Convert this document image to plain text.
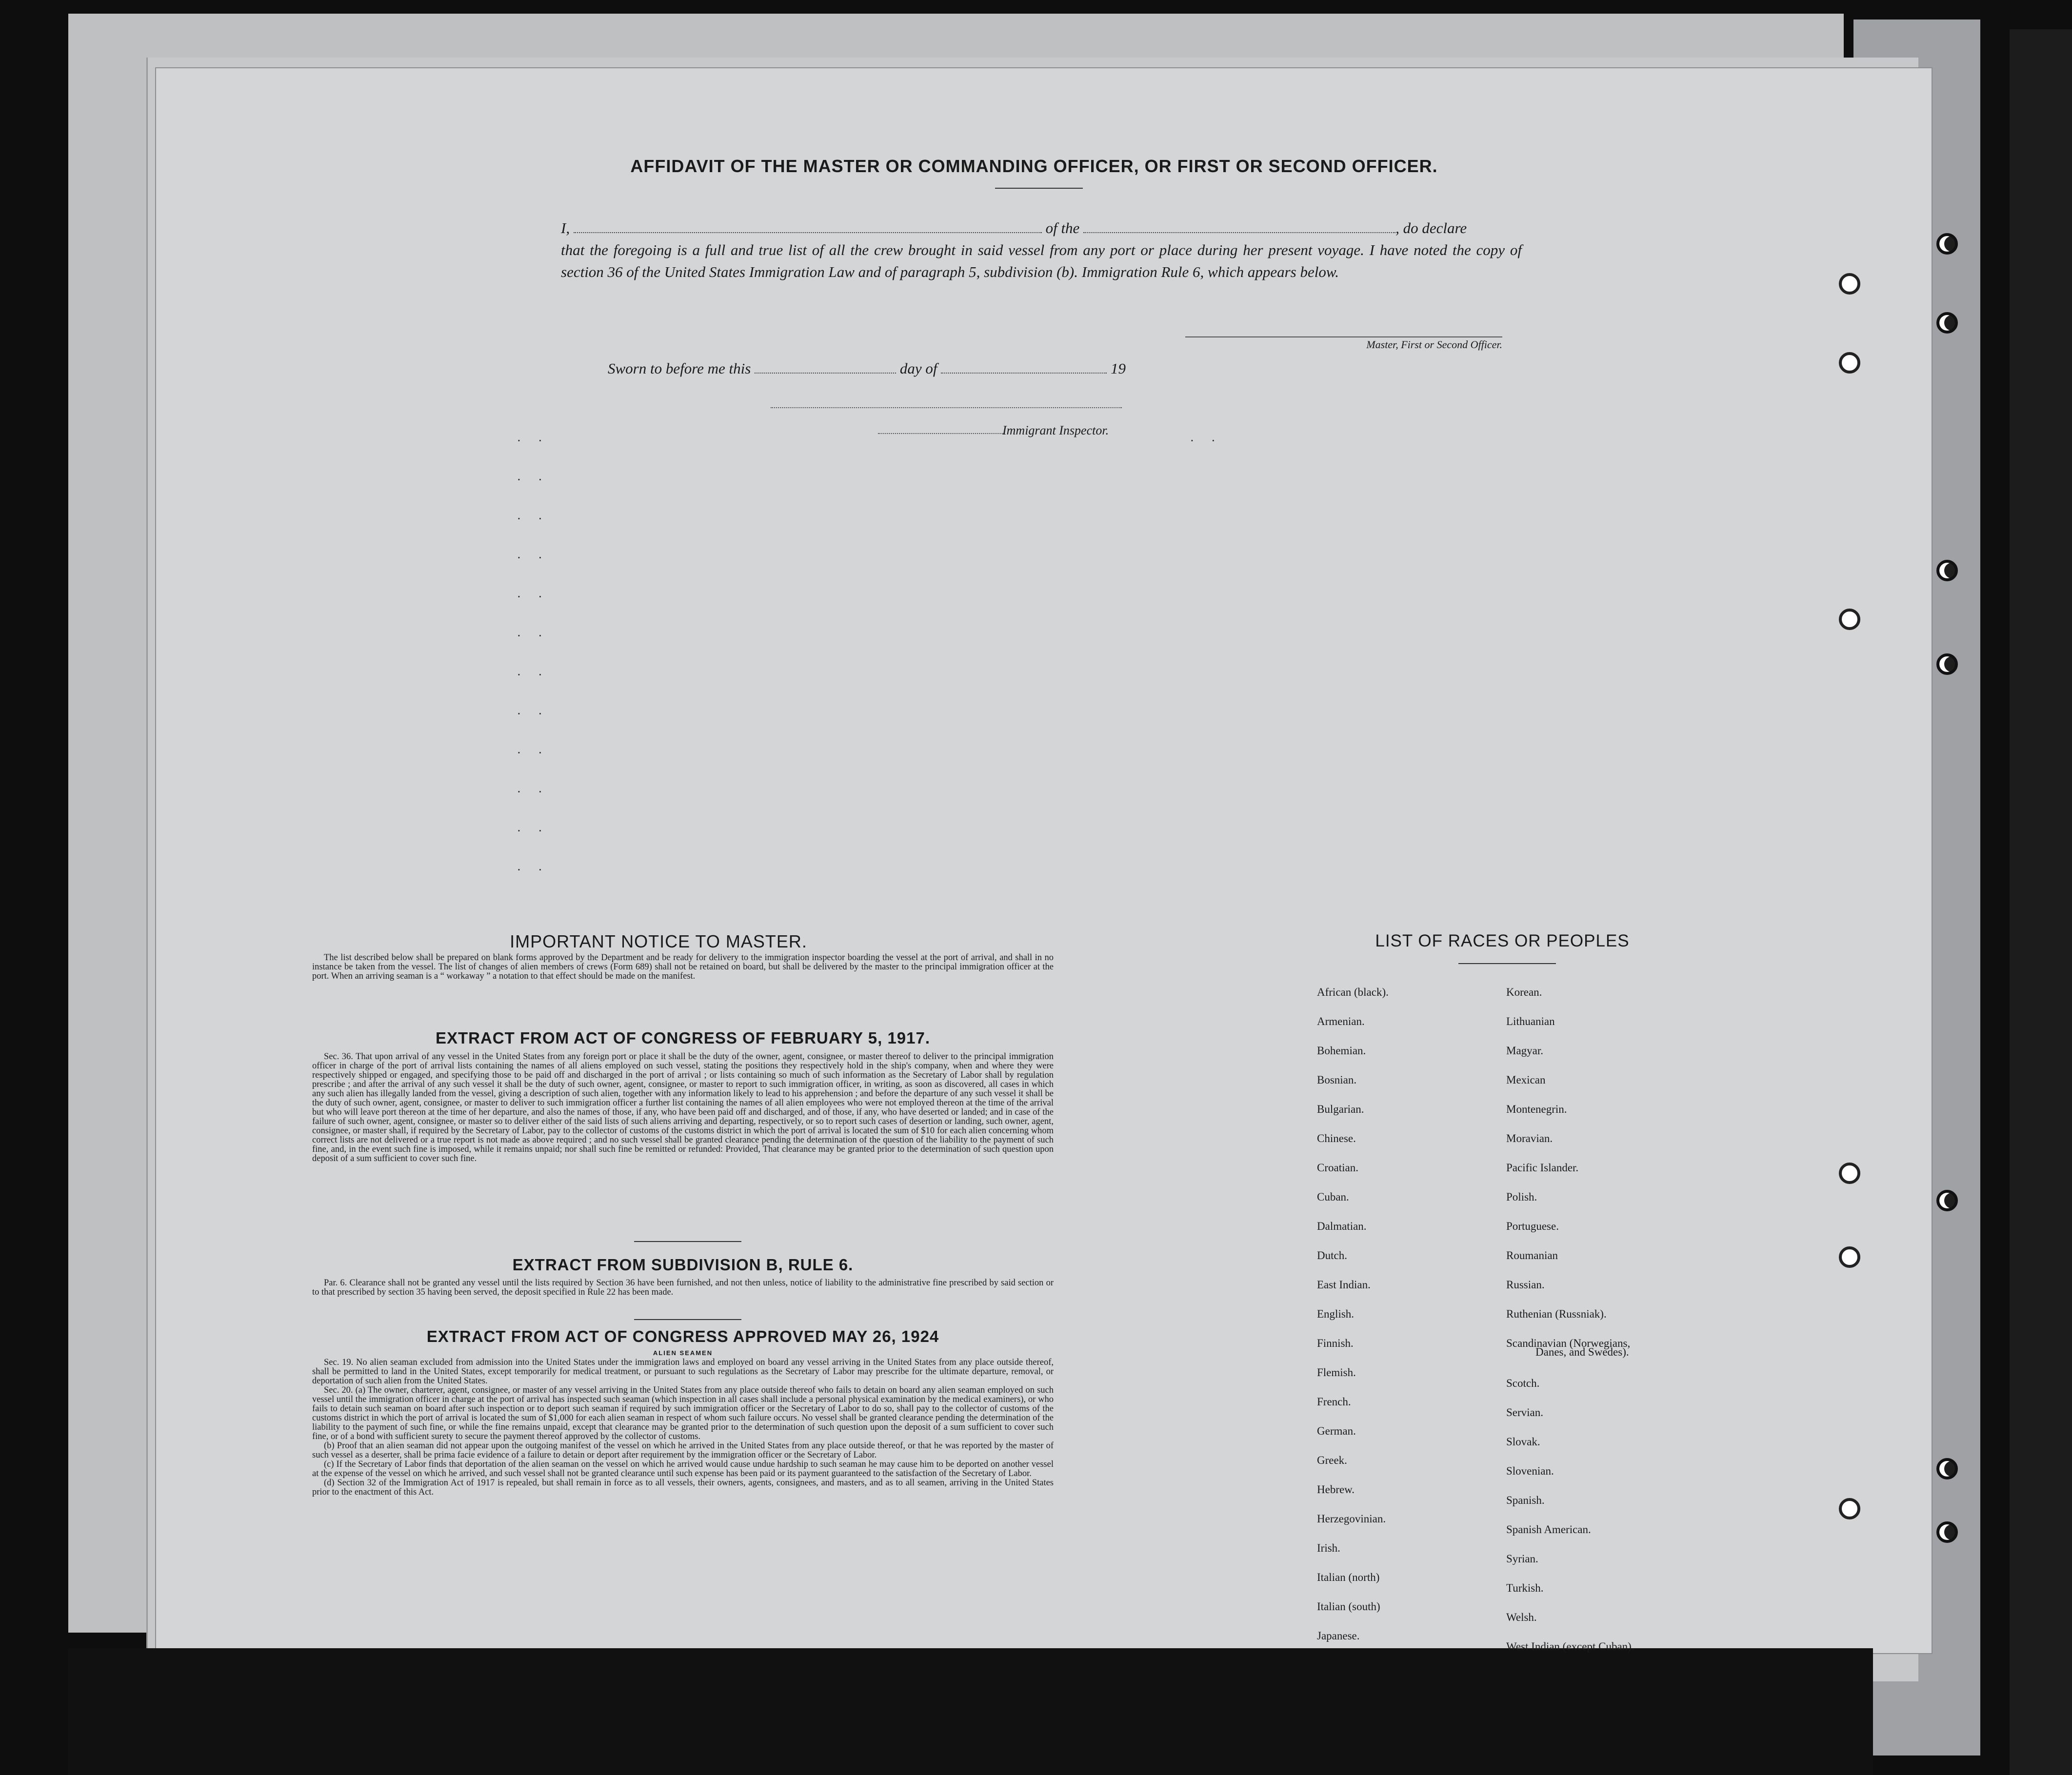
AFFIDAVIT OF THE MASTER OR COMMANDING OFFICER, OR FIRST OR SECOND OFFICER.
I,	of the	, do declare
that the foregoing is a full and true list of all the crew brought in said vessel from any port or place during her present voyage. I have noted the copy of section 36 of the United States Immigration Law and of paragraph 5, subdivision (b). Immigration Rule 6, which appears below.
Master, First or Second Officer.
Sworn to before me this	day of	19
Immigrant Inspector.
. .	. .
. .
. .
. .
. .
. .
. .
. .
. .
. .
. .
. .
IMPORTANT NOTICE TO MASTER.
The list described below shall be prepared on blank forms approved by the Department and be ready for delivery to the immigration inspector boarding the vessel at the port of arrival, and shall in no instance be taken from the vessel. The list of changes of alien members of crews (Form 689) shall not be retained on board, but shall be delivered by the master to the principal immigration officer at the port. When an arriving seaman is a “ workaway ” a notation to that effect should be made on the manifest.
EXTRACT FROM ACT OF CONGRESS OF FEBRUARY 5, 1917.
Sec. 36. That upon arrival of any vessel in the United States from any foreign port or place it shall be the duty of the owner, agent, consignee, or master thereof to deliver to the principal immigration officer in charge of the port of arrival lists containing the names of all aliens employed on such vessel, stating the positions they respectively hold in the ship's company, when and where they were respectively shipped or engaged, and specifying those to be paid off and discharged in the port of arrival ; or lists containing so much of such information as the Secretary of Labor shall by regulation prescribe ; and after the arrival of any such vessel it shall be the duty of such owner, agent, consignee, or master to report to such immigration officer, in writing, as soon as discovered, all cases in which any such alien has illegally landed from the vessel, giving a description of such alien, together with any information likely to lead to his apprehension ; and before the departure of any such vessel it shall be the duty of such owner, agent, consignee, or master to deliver to such immigration officer a further list containing the names of all alien employees who were not employed thereon at the time of the arrival but who will leave port thereon at the time of her departure, and also the names of those, if any, who have been paid off and discharged, and of those, if any, who have deserted or landed; and in case of the failure of such owner, agent, consignee, or master so to deliver either of the said lists of such aliens arriving and departing, respectively, or so to report such cases of desertion or landing, such owner, agent, consignee, or master shall, if required by the Secretary of Labor, pay to the collector of customs of the customs district in which the port of arrival is located the sum of $10 for each alien concerning whom correct lists are not delivered or a true report is not made as above required ; and no such vessel shall be granted clearance pending the determination of the question of the liability to the payment of such fine, and, in the event such fine is imposed, while it remains unpaid; nor shall such fine be remitted or refunded: Provided, That clearance may be granted prior to the determination of such question upon deposit of a sum sufficient to cover such fine.
EXTRACT FROM SUBDIVISION B, RULE 6.
Par. 6. Clearance shall not be granted any vessel until the lists required by Section 36 have been furnished, and not then unless, notice of liability to the administrative fine prescribed by said section or to that prescribed by section 35 having been served, the deposit specified in Rule 22 has been made.
EXTRACT FROM ACT OF CONGRESS APPROVED MAY 26, 1924
ALIEN SEAMEN
Sec. 19. No alien seaman excluded from admission into the United States under the immigration laws and employed on board any vessel arriving in the United States from any place outside thereof, shall be permitted to land in the United States, except temporarily for medical treatment, or pursuant to such regulations as the Secretary of Labor may prescribe for the ultimate departure, removal, or deportation of such alien from the United States.
Sec. 20. (a) The owner, charterer, agent, consignee, or master of any vessel arriving in the United States from any place outside thereof who fails to detain on board any alien seaman employed on such vessel until the immigration officer in charge at the port of arrival has inspected such seaman (which inspection in all cases shall include a personal physical examination by the medical examiners), or who fails to detain such seaman on board after such inspection or to deport such seaman if required by such immigration officer or the Secretary of Labor to do so, shall pay to the collector of customs of the customs district in which the port of arrival is located the sum of $1,000 for each alien seaman in respect of whom such failure occurs. No vessel shall be granted clearance pending the determination of the liability to the payment of such fine, or while the fine remains unpaid, except that clearance may be granted prior to the determination of such question upon the deposit of a sum sufficient to cover such fine, or of a bond with sufficient surety to secure the payment thereof approved by the collector of customs.
(b) Proof that an alien seaman did not appear upon the outgoing manifest of the vessel on which he arrived in the United States from any place outside thereof, or that he was reported by the master of such vessel as a deserter, shall be prima facie evidence of a failure to detain or deport after requirement by the immigration officer or the Secretary of Labor.
(c) If the Secretary of Labor finds that deportation of the alien seaman on the vessel on which he arrived would cause undue hardship to such seaman he may cause him to be deported on another vessel at the expense of the vessel on which he arrived, and such vessel shall not be granted clearance until such expense has been paid or its payment guaranteed to the satisfaction of the Secretary of Labor.
(d) Section 32 of the Immigration Act of 1917 is repealed, but shall remain in force as to all vessels, their owners, agents, consignees, and masters, and as to all seamen, arriving in the United States prior to the enactment of this Act.
LIST OF RACES OR PEOPLES
African (black).
Armenian.
Bohemian.
Bosnian.
Bulgarian.
Chinese.
Croatian.
Cuban.
Dalmatian.
Dutch.
East Indian.
English.
Finnish.
Flemish.
French.
German.
Greek.
Hebrew.
Herzegovinian.
Irish.
Italian (north)
Italian (south)
Japanese.
Korean.
Lithuanian
Magyar.
Mexican
Montenegrin.
Moravian.
Pacific Islander.
Polish.
Portuguese.
Roumanian
Russian.
Ruthenian (Russniak).
Scandinavian (Norwegians,
Danes, and Swedes).
Scotch.
Servian.
Slovak.
Slovenian.
Spanish.
Spanish American.
Syrian.
Turkish.
Welsh.
West Indian (except Cuban).
